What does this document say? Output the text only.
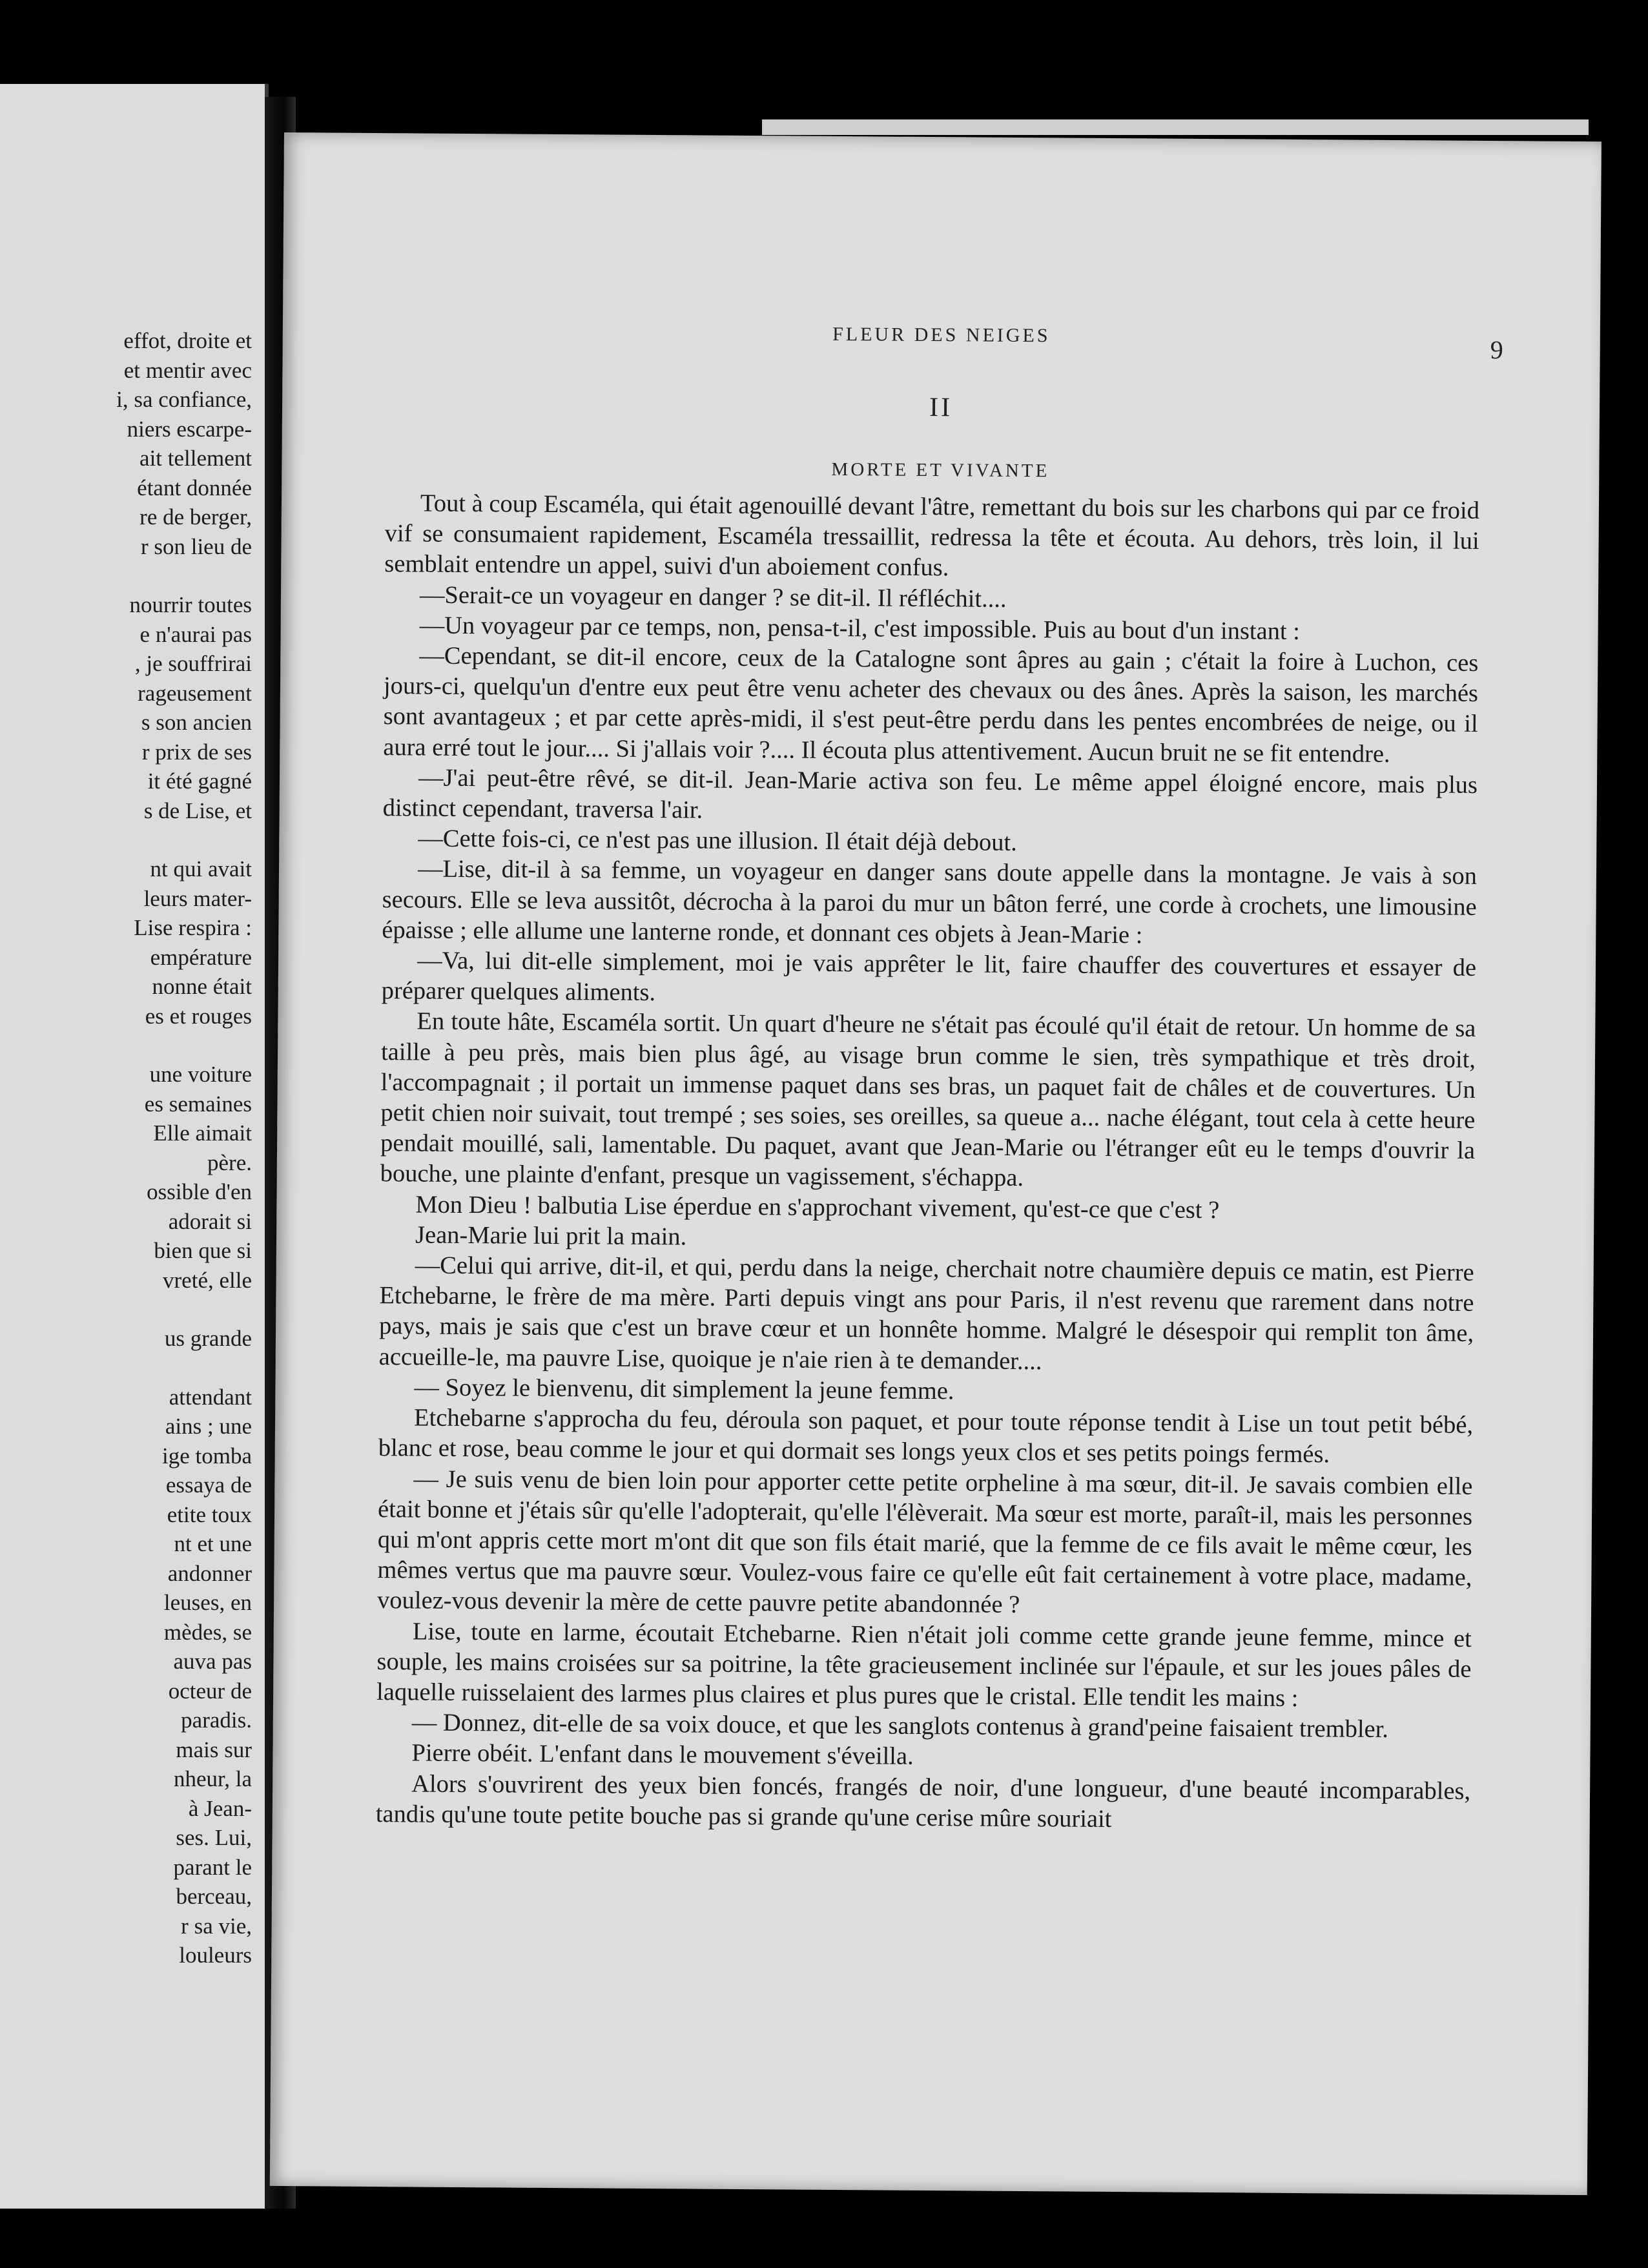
effot, droite et
et mentir avec
i, sa confiance,
niers escarpe-
ait tellement
étant donnée
re de berger,
r son lieu de
nourrir toutes
e n'aurai pas
, je souffrirai
rageusement
s son ancien
r prix de ses
it été gagné
s de Lise, et
nt qui avait
leurs mater-
Lise respira :
empérature
nonne était
es et rouges
une voiture
es semaines
Elle aimait
père.
ossible d'en
adorait si
bien que si
vreté, elle
us grande
attendant
ains ; une
ige tomba
essaya de
etite toux
nt et une
andonner
leuses, en
mèdes, se
auva pas
octeur de
paradis.
mais sur
nheur, la
à Jean-
ses. Lui,
parant le
berceau,
r sa vie,
louleurs
FLEUR DES NEIGES
9
II
MORTE ET VIVANTE

Tout à coup Escaméla, qui était agenouillé devant l'âtre, remettant du bois sur les charbons qui par ce froid vif se consumaient rapidement, Escaméla tressaillit, redressa la tête et écouta. Au dehors, très loin, il lui semblait entendre un appel, suivi d'un aboiement confus.

—Serait-ce un voyageur en danger ? se dit-il. Il réfléchit....

—Un voyageur par ce temps, non, pensa-t-il, c'est impossible. Puis au bout d'un instant :

—Cependant, se dit-il encore, ceux de la Catalogne sont âpres au gain ; c'était la foire à Luchon, ces jours-ci, quelqu'un d'entre eux peut être venu acheter des chevaux ou des ânes. Après la saison, les marchés sont avantageux ; et par cette après-midi, il s'est peut-être perdu dans les pentes encombrées de neige, ou il aura erré tout le jour.... Si j'allais voir ?.... Il écouta plus attentivement. Aucun bruit ne se fit entendre.

—J'ai peut-être rêvé, se dit-il. Jean-Marie activa son feu. Le même appel éloigné encore, mais plus distinct cependant, traversa l'air.

—Cette fois-ci, ce n'est pas une illusion. Il était déjà debout.

—Lise, dit-il à sa femme, un voyageur en danger sans doute appelle dans la montagne. Je vais à son secours. Elle se leva aussitôt, décrocha à la paroi du mur un bâton ferré, une corde à crochets, une limousine épaisse ; elle allume une lanterne ronde, et donnant ces objets à Jean-Marie :

—Va, lui dit-elle simplement, moi je vais apprêter le lit, faire chauffer des couvertures et essayer de préparer quelques aliments.

En toute hâte, Escaméla sortit. Un quart d'heure ne s'était pas écoulé qu'il était de retour. Un homme de sa taille à peu près, mais bien plus âgé, au visage brun comme le sien, très sympathique et très droit, l'accompagnait ; il portait un immense paquet dans ses bras, un paquet fait de châles et de couvertures. Un petit chien noir suivait, tout trempé ; ses soies, ses oreilles, sa queue a... nache élégant, tout cela à cette heure pendait mouillé, sali, lamentable. Du paquet, avant que Jean-Marie ou l'étranger eût eu le temps d'ouvrir la bouche, une plainte d'enfant, presque un vagissement, s'échappa.

Mon Dieu ! balbutia Lise éperdue en s'approchant vivement, qu'est-ce que c'est ?

Jean-Marie lui prit la main.

—Celui qui arrive, dit-il, et qui, perdu dans la neige, cherchait notre chaumière depuis ce matin, est Pierre Etchebarne, le frère de ma mère. Parti depuis vingt ans pour Paris, il n'est revenu que rarement dans notre pays, mais je sais que c'est un brave cœur et un honnête homme. Malgré le désespoir qui remplit ton âme, accueille-le, ma pauvre Lise, quoique je n'aie rien à te demander....

— Soyez le bienvenu, dit simplement la jeune femme.

Etchebarne s'approcha du feu, déroula son paquet, et pour toute réponse tendit à Lise un tout petit bébé, blanc et rose, beau comme le jour et qui dormait ses longs yeux clos et ses petits poings fermés.

— Je suis venu de bien loin pour apporter cette petite orpheline à ma sœur, dit-il. Je savais combien elle était bonne et j'étais sûr qu'elle l'adopterait, qu'elle l'élèverait. Ma sœur est morte, paraît-il, mais les personnes qui m'ont appris cette mort m'ont dit que son fils était marié, que la femme de ce fils avait le même cœur, les mêmes vertus que ma pauvre sœur. Voulez-vous faire ce qu'elle eût fait certainement à votre place, madame, voulez-vous devenir la mère de cette pauvre petite abandonnée ?

Lise, toute en larme, écoutait Etchebarne. Rien n'était joli comme cette grande jeune femme, mince et souple, les mains croisées sur sa poitrine, la tête gracieusement inclinée sur l'épaule, et sur les joues pâles de laquelle ruisselaient des larmes plus claires et plus pures que le cristal. Elle tendit les mains :

— Donnez, dit-elle de sa voix douce, et que les sanglots contenus à grand'peine faisaient trembler.

Pierre obéit. L'enfant dans le mouvement s'éveilla.

Alors s'ouvrirent des yeux bien foncés, frangés de noir, d'une longueur, d'une beauté incomparables, tandis qu'une toute petite bouche pas si grande qu'une cerise mûre souriait
